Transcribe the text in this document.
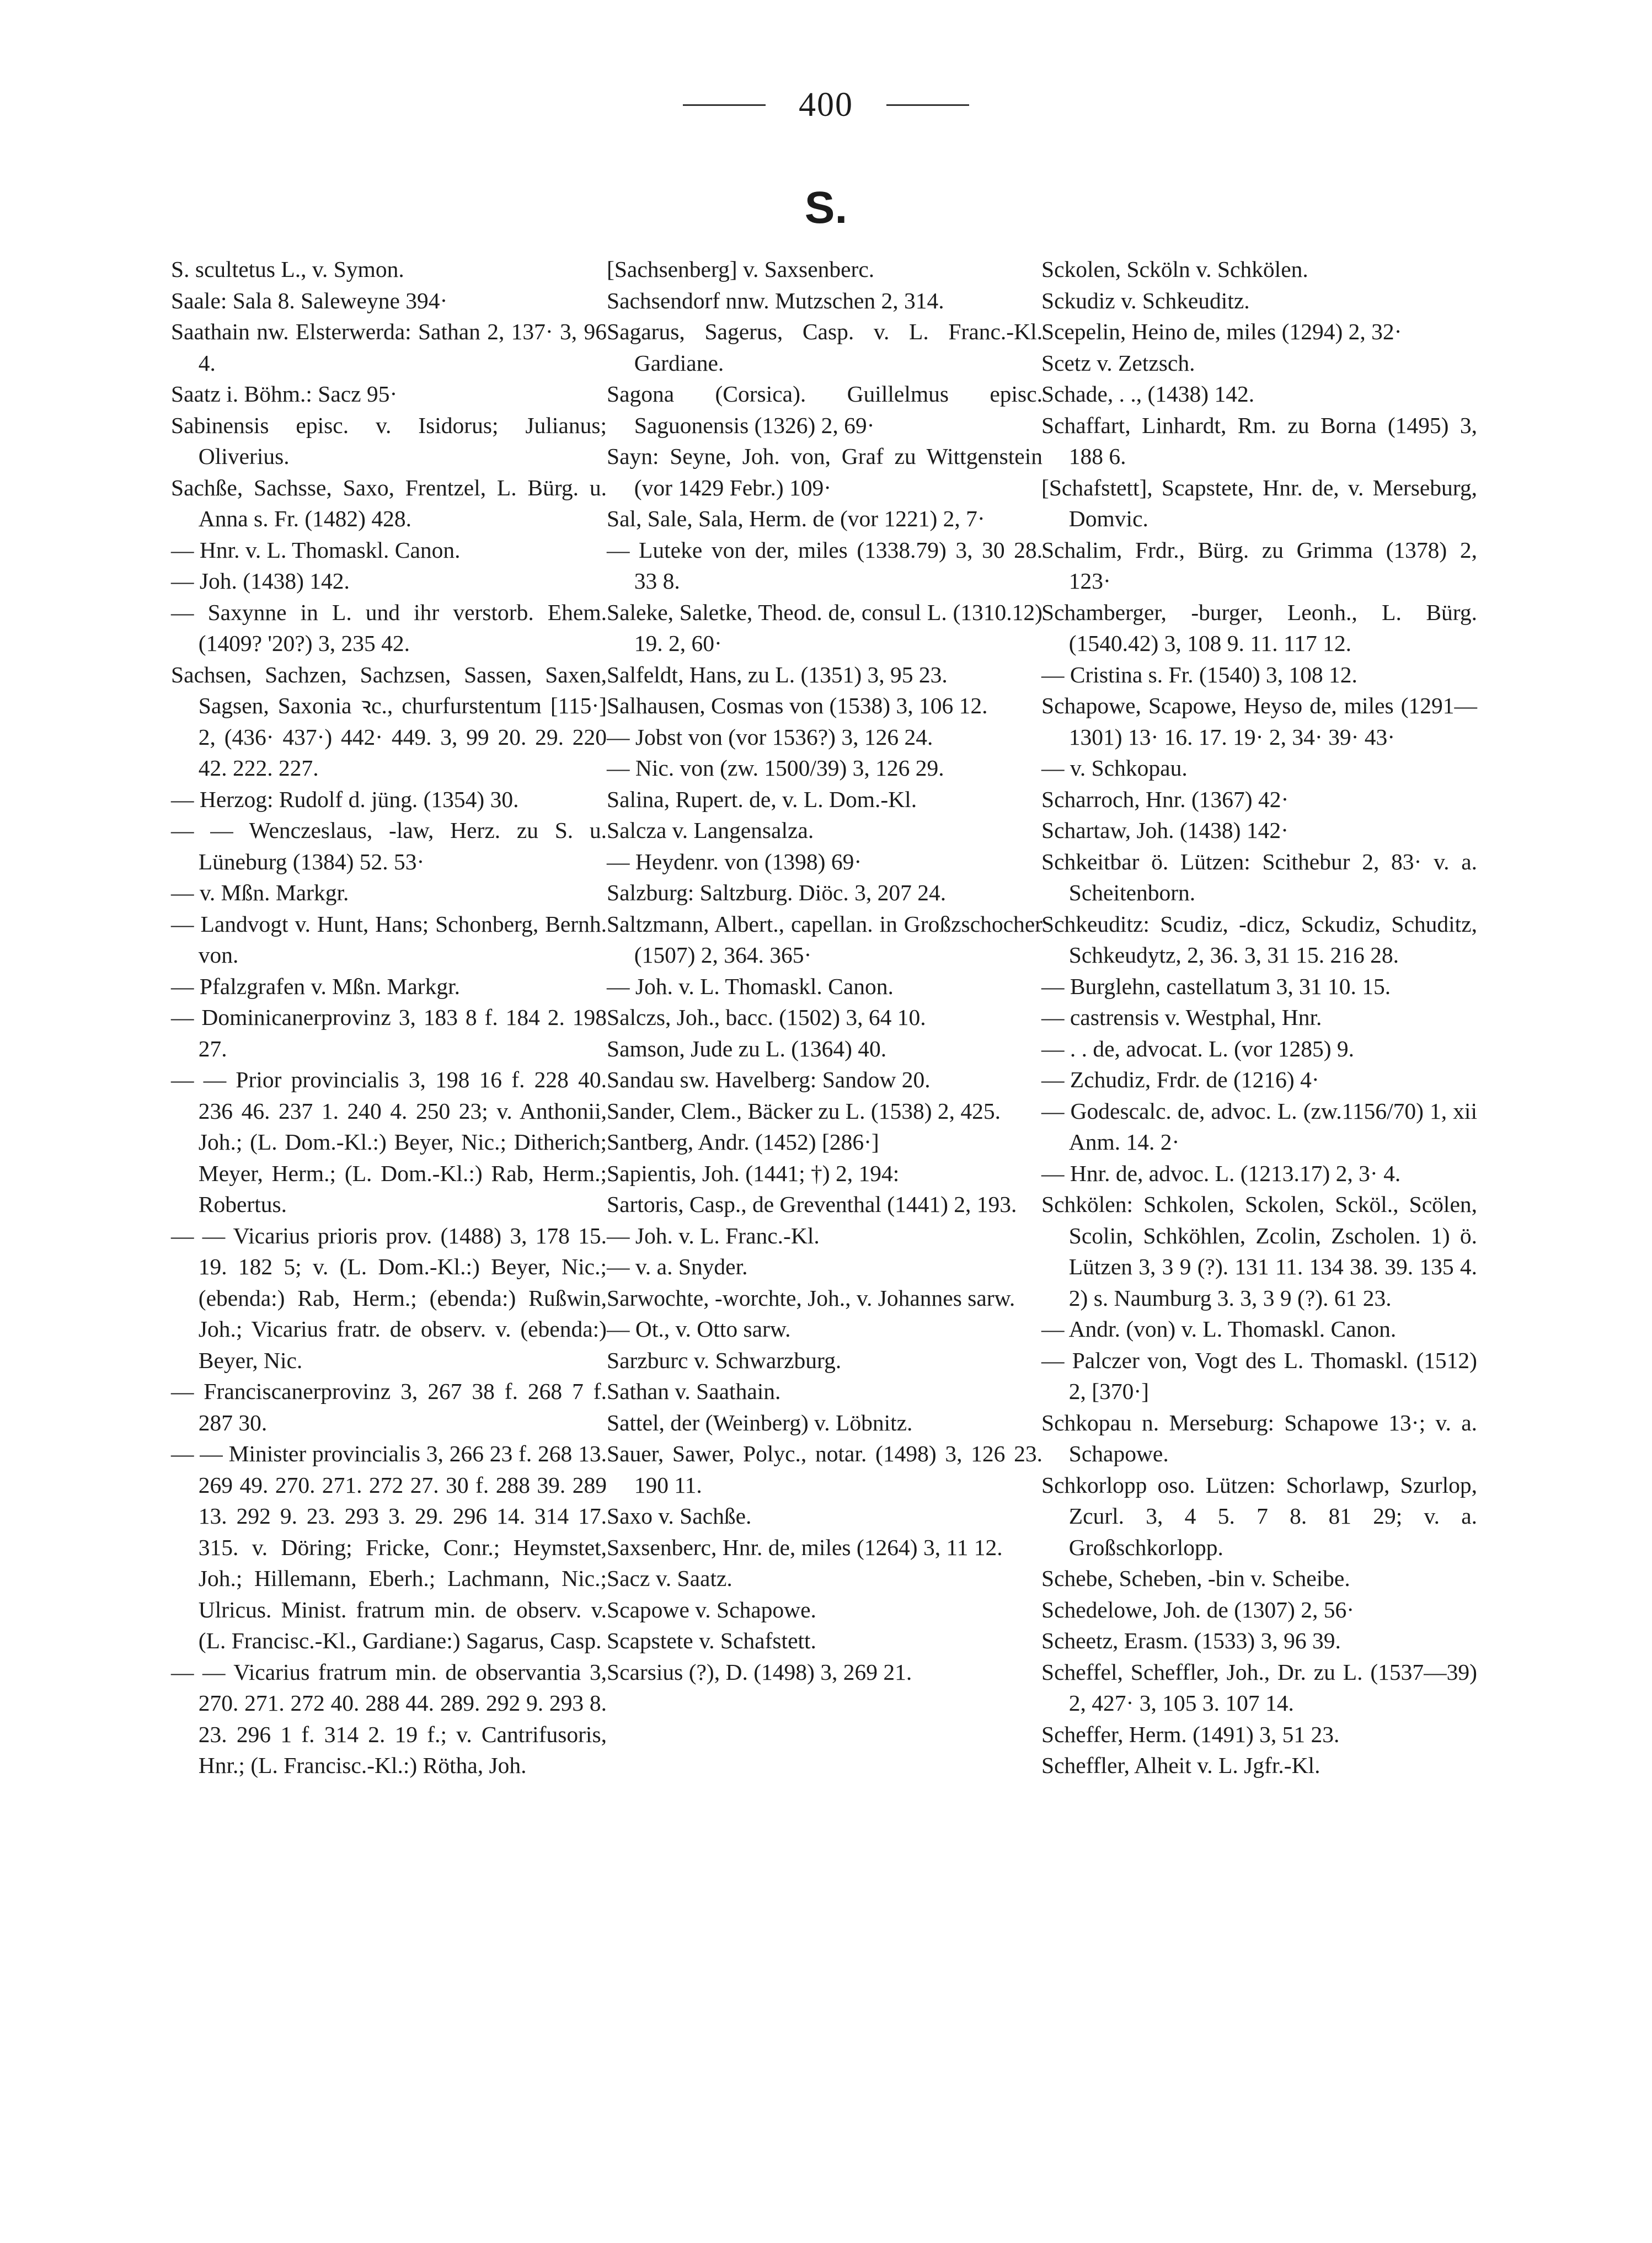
400
S.

S. scultetus L., v. Symon.

Saale: Sala 8. Saleweyne 394·

Saathain nw. Elsterwerda: Sathan 2, 137· 3, 96 4.

Saatz i. Böhm.: Sacz 95·

Sabinensis episc. v. Isidorus; Julianus; Oliverius.

Sachße, Sachsse, Saxo, Frentzel, L. Bürg. u. Anna s. Fr. (1482) 428.

— Hnr. v. L. Thomaskl. Canon.

— Joh. (1438) 142.

— Saxynne in L. und ihr verstorb. Ehem. (1409? '20?) 3, 235 42.

Sachsen, Sachzen, Sachzsen, Sassen, Saxen, Sagsen, Saxonia ꝛc., churfurstentum [115·] 2, (436· 437·) 442· 449. 3, 99 20. 29. 220 42. 222. 227.

— Herzog: Rudolf d. jüng. (1354) 30.

— — Wenczeslaus, -law, Herz. zu S. u. Lüneburg (1384) 52. 53·

— v. Mßn. Markgr.

— Landvogt v. Hunt, Hans; Schonberg, Bernh. von.

— Pfalzgrafen v. Mßn. Markgr.

— Dominicanerprovinz 3, 183 8 f. 184 2. 198 27.

— — Prior provincialis 3, 198 16 f. 228 40. 236 46. 237 1. 240 4. 250 23; v. Anthonii, Joh.; (L. Dom.-Kl.:) Beyer, Nic.; Ditherich; Meyer, Herm.; (L. Dom.-Kl.:) Rab, Herm.; Robertus.

— — Vicarius prioris prov. (1488) 3, 178 15. 19. 182 5; v. (L. Dom.-Kl.:) Beyer, Nic.; (ebenda:) Rab, Herm.; (ebenda:) Rußwin, Joh.; Vicarius fratr. de observ. v. (ebenda:) Beyer, Nic.

— Franciscanerprovinz 3, 267 38 f. 268 7 f. 287 30.

— — Minister provincialis 3, 266 23 f. 268 13. 269 49. 270. 271. 272 27. 30 f. 288 39. 289 13. 292 9. 23. 293 3. 29. 296 14. 314 17. 315. v. Döring; Fricke, Conr.; Heymstet, Joh.; Hillemann, Eberh.; Lachmann, Nic.; Ulricus. Minist. fratrum min. de observ. v. (L. Francisc.-Kl., Gardiane:) Sagarus, Casp.

— — Vicarius fratrum min. de observantia 3, 270. 271. 272 40. 288 44. 289. 292 9. 293 8. 23. 296 1 f. 314 2. 19 f.; v. Cantrifusoris, Hnr.; (L. Francisc.-Kl.:) Rötha, Joh.

[Sachsenberg] v. Saxsenberc.

Sachsendorf nnw. Mutzschen 2, 314.

Sagarus, Sagerus, Casp. v. L. Franc.-Kl. Gardiane.

Sagona (Corsica). Guillelmus episc. Saguonensis (1326) 2, 69·

Sayn: Seyne, Joh. von, Graf zu Wittgenstein (vor 1429 Febr.) 109·

Sal, Sale, Sala, Herm. de (vor 1221) 2, 7·

— Luteke von der, miles (1338.79) 3, 30 28. 33 8.

Saleke, Saletke, Theod. de, consul L. (1310.12) 19. 2, 60·

Salfeldt, Hans, zu L. (1351) 3, 95 23.

Salhausen, Cosmas von (1538) 3, 106 12.

— Jobst von (vor 1536?) 3, 126 24.

— Nic. von (zw. 1500/39) 3, 126 29.

Salina, Rupert. de, v. L. Dom.-Kl.

Salcza v. Langensalza.

— Heydenr. von (1398) 69·

Salzburg: Saltzburg. Diöc. 3, 207 24.

Saltzmann, Albert., capellan. in Großzschocher (1507) 2, 364. 365·

— Joh. v. L. Thomaskl. Canon.

Salczs, Joh., bacc. (1502) 3, 64 10.

Samson, Jude zu L. (1364) 40.

Sandau sw. Havelberg: Sandow 20.

Sander, Clem., Bäcker zu L. (1538) 2, 425.

Santberg, Andr. (1452) [286·]

Sapientis, Joh. (1441; †) 2, 194:

Sartoris, Casp., de Greventhal (1441) 2, 193.

— Joh. v. L. Franc.-Kl.

— v. a. Snyder.

Sarwochte, -worchte, Joh., v. Johannes sarw.

— Ot., v. Otto sarw.

Sarzburc v. Schwarzburg.

Sathan v. Saathain.

Sattel, der (Weinberg) v. Löbnitz.

Sauer, Sawer, Polyc., notar. (1498) 3, 126 23. 190 11.

Saxo v. Sachße.

Saxsenberc, Hnr. de, miles (1264) 3, 11 12.

Sacz v. Saatz.

Scapowe v. Schapowe.

Scapstete v. Schafstett.

Scarsius (?), D. (1498) 3, 269 21.

Sckolen, Scköln v. Schkölen.

Sckudiz v. Schkeuditz.

Scepelin, Heino de, miles (1294) 2, 32·

Scetz v. Zetzsch.

Schade, . ., (1438) 142.

Schaffart, Linhardt, Rm. zu Borna (1495) 3, 188 6.

[Schafstett], Scapstete, Hnr. de, v. Merseburg, Domvic.

Schalim, Frdr., Bürg. zu Grimma (1378) 2, 123·

Schamberger, -burger, Leonh., L. Bürg. (1540.42) 3, 108 9. 11. 117 12.

— Cristina s. Fr. (1540) 3, 108 12.

Schapowe, Scapowe, Heyso de, miles (1291—1301) 13· 16. 17. 19· 2, 34· 39· 43·

— v. Schkopau.

Scharroch, Hnr. (1367) 42·

Schartaw, Joh. (1438) 142·

Schkeitbar ö. Lützen: Scithebur 2, 83· v. a. Scheitenborn.

Schkeuditz: Scudiz, -dicz, Sckudiz, Schuditz, Schkeudytz, 2, 36. 3, 31 15. 216 28.

— Burglehn, castellatum 3, 31 10. 15.

— castrensis v. Westphal, Hnr.

— . . de, advocat. L. (vor 1285) 9.

— Zchudiz, Frdr. de (1216) 4·

— Godescalc. de, advoc. L. (zw.1156/70) 1, xii Anm. 14. 2·

— Hnr. de, advoc. L. (1213.17) 2, 3· 4.

Schkölen: Schkolen, Sckolen, Scköl., Scölen, Scolin, Schköhlen, Zcolin, Zscholen. 1) ö. Lützen 3, 3 9 (?). 131 11. 134 38. 39. 135 4. 2) s. Naumburg 3. 3, 3 9 (?). 61 23.

— Andr. (von) v. L. Thomaskl. Canon.

— Palczer von, Vogt des L. Thomaskl. (1512) 2, [370·]

Schkopau n. Merseburg: Schapowe 13·; v. a. Schapowe.

Schkorlopp oso. Lützen: Schorlawp, Szurlop, Zcurl. 3, 4 5. 7 8. 81 29; v. a. Großschkorlopp.

Schebe, Scheben, -bin v. Scheibe.

Schedelowe, Joh. de (1307) 2, 56·

Scheetz, Erasm. (1533) 3, 96 39.

Scheffel, Scheffler, Joh., Dr. zu L. (1537—39) 2, 427· 3, 105 3. 107 14.

Scheffer, Herm. (1491) 3, 51 23.

Scheffler, Alheit v. L. Jgfr.-Kl.
